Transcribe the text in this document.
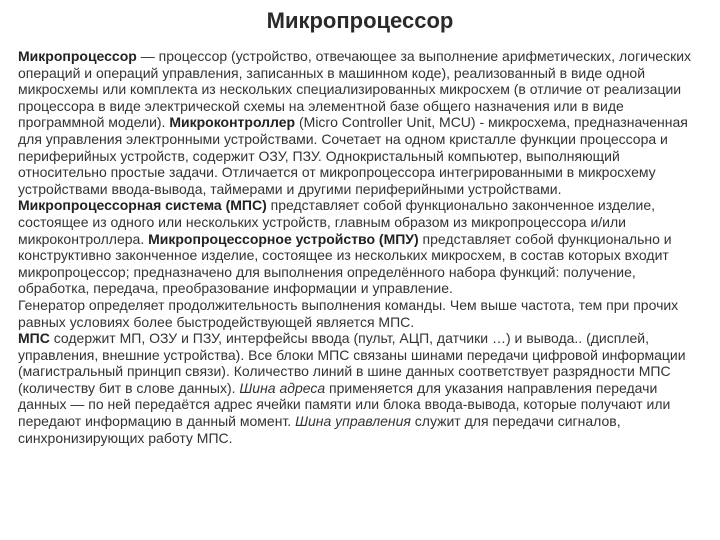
Микропроцессор

Микропроцессор — процессор (устройство, отвечающее за выполнение арифметических, логических операций и операций управления, записанных в машинном коде), реализованный в виде одной микросхемы или комплекта из нескольких специализированных микросхем (в отличие от реализации процессора в виде электрической схемы на элементной базе общего назначения или в виде программной модели). Микроконтроллер (Micro Controller Unit, MCU) - микросхема, предназначенная для управления электронными устройствами. Сочетает на одном кристалле функции процессора и периферийных устройств, содержит ОЗУ, ПЗУ. Однокристальный компьютер, выполняющий относительно простые задачи. Отличается от микропроцессора интегрированными в микросхему устройствами ввода-вывода, таймерами и другими периферийными устройствами.

Микропроцессорная система (МПС) представляет собой функционально законченное изделие, состоящее из одного или нескольких устройств, главным образом из микропроцессора и/или микроконтроллера. Микропроцессорное устройство (МПУ) представляет собой функционально и конструктивно законченное изделие, состоящее из нескольких микросхем, в состав которых входит микропроцессор; предназначено для выполнения определённого набора функций: получение, обработка, передача, преобразование информации и управление.

Генератор определяет продолжительность выполнения команды. Чем выше частота, тем при прочих равных условиях более быстродействующей является МПС.

МПС содержит МП, ОЗУ и ПЗУ, интерфейсы ввода (пульт, АЦП, датчики …) и вывода.. (дисплей, управления, внешние устройства). Все блоки МПС связаны шинами передачи цифровой информации (магистральный принцип связи). Количество линий в шине данных соответствует разрядности МПС (количеству бит в слове данных). Шина адреса применяется для указания направления передачи данных — по ней передаётся адрес ячейки памяти или блока ввода-вывода, которые получают или передают информацию в данный момент. Шина управления служит для передачи сигналов, синхронизирующих работу МПС.
